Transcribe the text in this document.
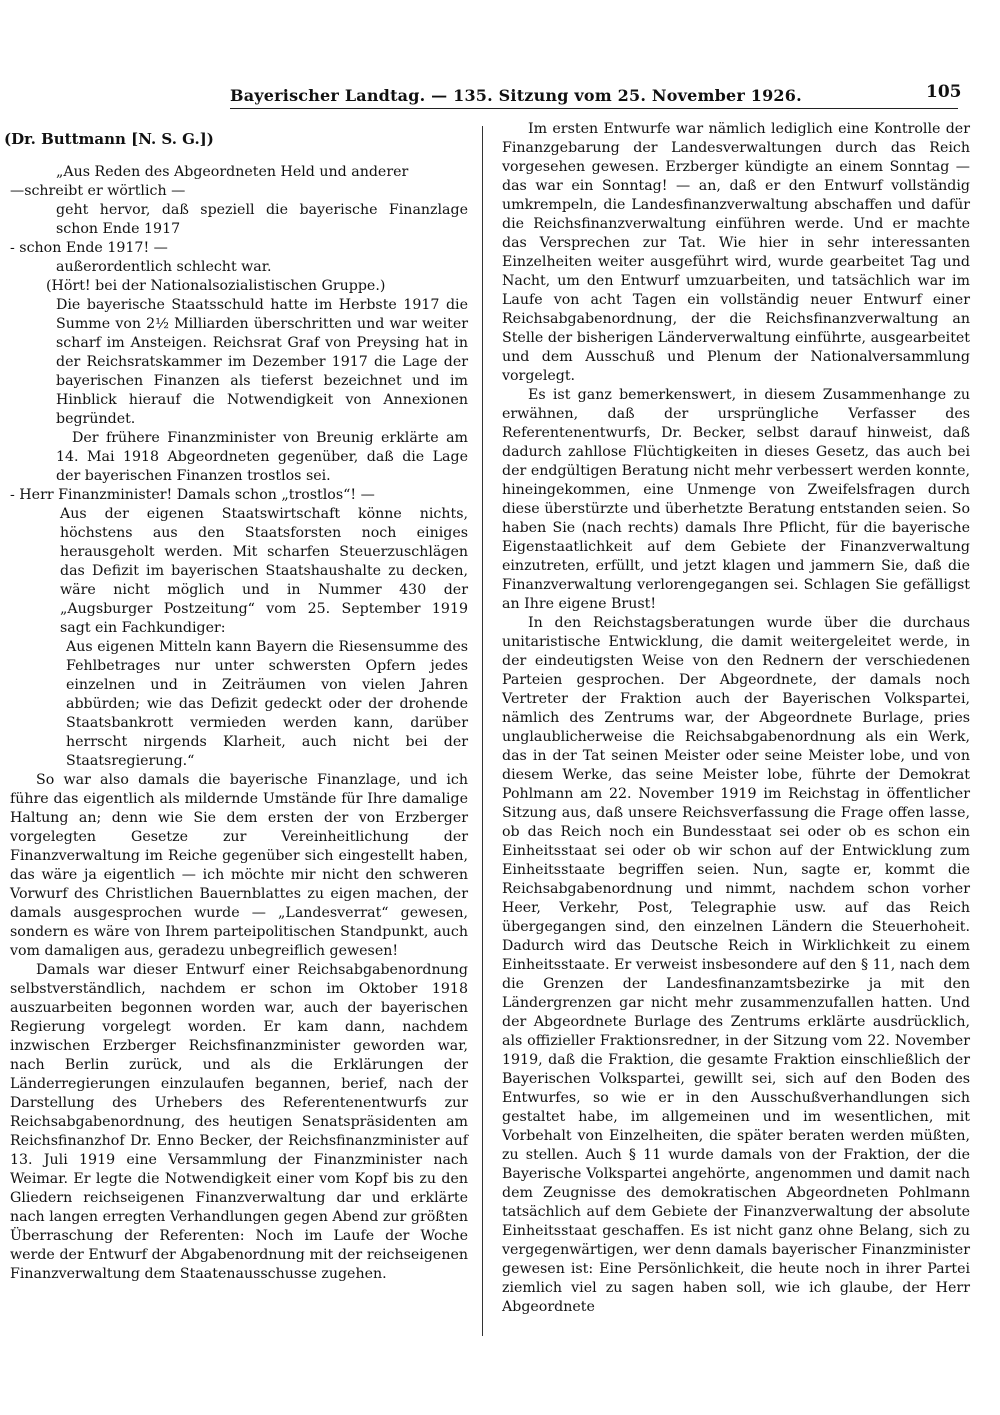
Bayerischer Landtag. — 135. Sitzung vom 25. November 1926.	105
(Dr. Buttmann [N. S. G.])

„Aus Reden des Abgeordneten Held und anderer

—schreibt er wörtlich —

geht hervor, daß speziell die bayerische Finanzlage schon Ende 1917

- schon Ende 1917! —

außerordentlich schlecht war.

(Hört! bei der Nationalsozialistischen Gruppe.)

Die bayerische Staatsschuld hatte im Herbste 1917 die Summe von 2½ Milliarden überschritten und war weiter scharf im Ansteigen. Reichsrat Graf von Preysing hat in der Reichsratskammer im Dezember 1917 die Lage der bayerischen Finanzen als tieferst bezeichnet und im Hinblick hierauf die Notwendigkeit von Annexionen begründet.

Der frühere Finanzminister von Breunig erklärte am 14. Mai 1918 Abgeordneten gegenüber, daß die Lage der bayerischen Finanzen trostlos sei.

- Herr Finanzminister! Damals schon „trostlos“! —

Aus der eigenen Staatswirtschaft könne nichts, höchstens aus den Staatsforsten noch einiges herausgeholt werden. Mit scharfen Steuerzuschlägen das Defizit im bayerischen Staatshaushalte zu decken, wäre nicht möglich und in Nummer 430 der „Augsburger Postzeitung“ vom 25. September 1919 sagt ein Fachkundiger:

Aus eigenen Mitteln kann Bayern die Riesensumme des Fehlbetrages nur unter schwersten Opfern jedes einzelnen und in Zeiträumen von vielen Jahren abbürden; wie das Defizit gedeckt oder der drohende Staatsbankrott vermieden werden kann, darüber herrscht nirgends Klarheit, auch nicht bei der Staatsregierung.“

So war also damals die bayerische Finanzlage, und ich führe das eigentlich als mildernde Umstände für Ihre damalige Haltung an; denn wie Sie dem ersten der von Erzberger vorgelegten Gesetze zur Vereinheitlichung der Finanzverwaltung im Reiche gegenüber sich eingestellt haben, das wäre ja eigentlich — ich möchte mir nicht den schweren Vorwurf des Christlichen Bauernblattes zu eigen machen, der damals ausgesprochen wurde — „Landesverrat“ gewesen, sondern es wäre von Ihrem parteipolitischen Standpunkt, auch vom damaligen aus, geradezu unbegreiflich gewesen!

Damals war dieser Entwurf einer Reichsabgabenordnung selbstverständlich, nachdem er schon im Oktober 1918 auszuarbeiten begonnen worden war, auch der bayerischen Regierung vorgelegt worden. Er kam dann, nachdem inzwischen Erzberger Reichsfinanzminister geworden war, nach Berlin zurück, und als die Erklärungen der Länderregierungen einzulaufen begannen, berief, nach der Darstellung des Urhebers des Referentenentwurfs zur Reichsabgabenordnung, des heutigen Senatspräsidenten am Reichsfinanzhof Dr. Enno Becker, der Reichsfinanzminister auf 13. Juli 1919 eine Versammlung der Finanzminister nach Weimar. Er legte die Notwendigkeit einer vom Kopf bis zu den Gliedern reichseigenen Finanzverwaltung dar und erklärte nach langen erregten Verhandlungen gegen Abend zur größten Überraschung der Referenten: Noch im Laufe der Woche werde der Entwurf der Abgabenordnung mit der reichseigenen Finanzverwaltung dem Staatenausschusse zugehen.

Im ersten Entwurfe war nämlich lediglich eine Kontrolle der Finanzgebarung der Landesverwaltungen durch das Reich vorgesehen gewesen. Erzberger kündigte an einem Sonntag — das war ein Sonntag! — an, daß er den Entwurf vollständig umkrempeln, die Landesfinanzverwaltung abschaffen und dafür die Reichsfinanzverwaltung einführen werde. Und er machte das Versprechen zur Tat. Wie hier in sehr interessanten Einzelheiten weiter ausgeführt wird, wurde gearbeitet Tag und Nacht, um den Entwurf umzuarbeiten, und tatsächlich war im Laufe von acht Tagen ein vollständig neuer Entwurf einer Reichsabgabenordnung, der die Reichsfinanzverwaltung an Stelle der bisherigen Länderverwaltung einführte, ausgearbeitet und dem Ausschuß und Plenum der Nationalversammlung vorgelegt.

Es ist ganz bemerkenswert, in diesem Zusammenhange zu erwähnen, daß der ursprüngliche Verfasser des Referentenentwurfs, Dr. Becker, selbst darauf hinweist, daß dadurch zahllose Flüchtigkeiten in dieses Gesetz, das auch bei der endgültigen Beratung nicht mehr verbessert werden konnte, hineingekommen, eine Unmenge von Zweifelsfragen durch diese überstürzte und überhetzte Beratung entstanden seien. So haben Sie (nach rechts) damals Ihre Pflicht, für die bayerische Eigenstaatlichkeit auf dem Gebiete der Finanzverwaltung einzutreten, erfüllt, und jetzt klagen und jammern Sie, daß die Finanzverwaltung verlorengegangen sei. Schlagen Sie gefälligst an Ihre eigene Brust!

In den Reichstagsberatungen wurde über die durchaus unitaristische Entwicklung, die damit weitergeleitet werde, in der eindeutigsten Weise von den Rednern der verschiedenen Parteien gesprochen. Der Abgeordnete, der damals noch Vertreter der Fraktion auch der Bayerischen Volkspartei, nämlich des Zentrums war, der Abgeordnete Burlage, pries unglaublicherweise die Reichsabgabenordnung als ein Werk, das in der Tat seinen Meister oder seine Meister lobe, und von diesem Werke, das seine Meister lobe, führte der Demokrat Pohlmann am 22. November 1919 im Reichstag in öffentlicher Sitzung aus, daß unsere Reichsverfassung die Frage offen lasse, ob das Reich noch ein Bundesstaat sei oder ob es schon ein Einheitsstaat sei oder ob wir schon auf der Entwicklung zum Einheitsstaate begriffen seien. Nun, sagte er, kommt die Reichsabgabenordnung und nimmt, nachdem schon vorher Heer, Verkehr, Post, Telegraphie usw. auf das Reich übergegangen sind, den einzelnen Ländern die Steuerhoheit. Dadurch wird das Deutsche Reich in Wirklichkeit zu einem Einheitsstaate. Er verweist insbesondere auf den § 11, nach dem die Grenzen der Landesfinanzamtsbezirke ja mit den Ländergrenzen gar nicht mehr zusammenzufallen hatten. Und der Abgeordnete Burlage des Zentrums erklärte ausdrücklich, als offizieller Fraktionsredner, in der Sitzung vom 22. November 1919, daß die Fraktion, die gesamte Fraktion einschließlich der Bayerischen Volkspartei, gewillt sei, sich auf den Boden des Entwurfes, so wie er in den Ausschußverhandlungen sich gestaltet habe, im allgemeinen und im wesentlichen, mit Vorbehalt von Einzelheiten, die später beraten werden müßten, zu stellen. Auch § 11 wurde damals von der Fraktion, der die Bayerische Volkspartei angehörte, angenommen und damit nach dem Zeugnisse des demokratischen Abgeordneten Pohlmann tatsächlich auf dem Gebiete der Finanzverwaltung der absolute Einheitsstaat geschaffen. Es ist nicht ganz ohne Belang, sich zu vergegenwärtigen, wer denn damals bayerischer Finanzminister gewesen ist: Eine Persönlichkeit, die heute noch in ihrer Partei ziemlich viel zu sagen haben soll, wie ich glaube, der Herr Abgeordnete
